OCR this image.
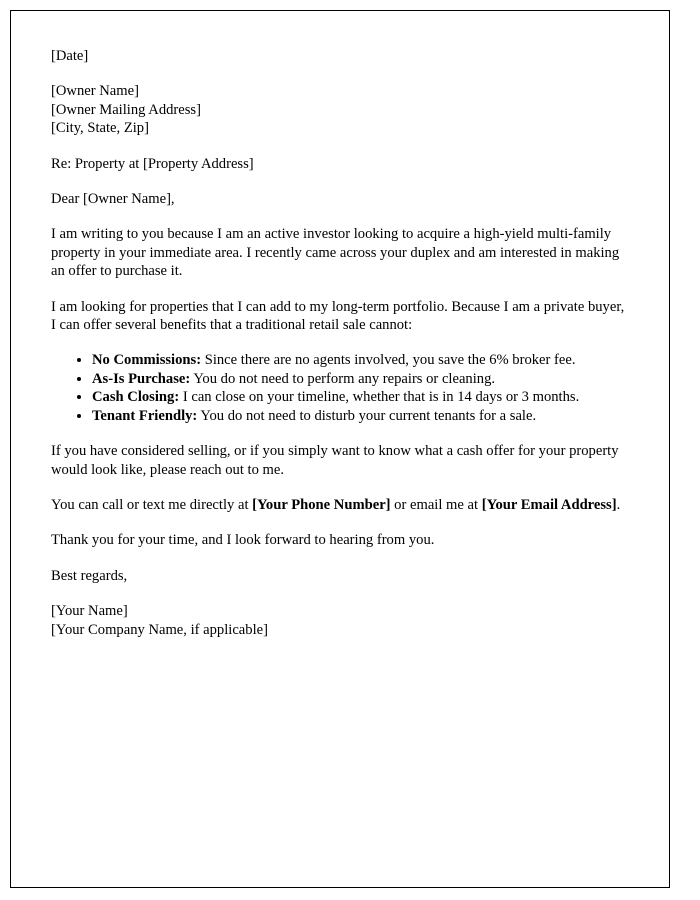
[Date]

[Owner Name]
[Owner Mailing Address]
[City, State, Zip]

Re: Property at [Property Address]

Dear [Owner Name],

I am writing to you because I am an active investor looking to acquire a high-yield multi-family property in your immediate area. I recently came across your duplex and am interested in making an offer to purchase it.

I am looking for properties that I can add to my long-term portfolio. Because I am a private buyer, I can offer several benefits that a traditional retail sale cannot:

• No Commissions: Since there are no agents involved, you save the 6% broker fee.
• As-Is Purchase: You do not need to perform any repairs or cleaning.
• Cash Closing: I can close on your timeline, whether that is in 14 days or 3 months.
• Tenant Friendly: You do not need to disturb your current tenants for a sale.

If you have considered selling, or if you simply want to know what a cash offer for your property would look like, please reach out to me.

You can call or text me directly at [Your Phone Number] or email me at [Your Email Address].

Thank you for your time, and I look forward to hearing from you.

Best regards,

[Your Name]
[Your Company Name, if applicable]
